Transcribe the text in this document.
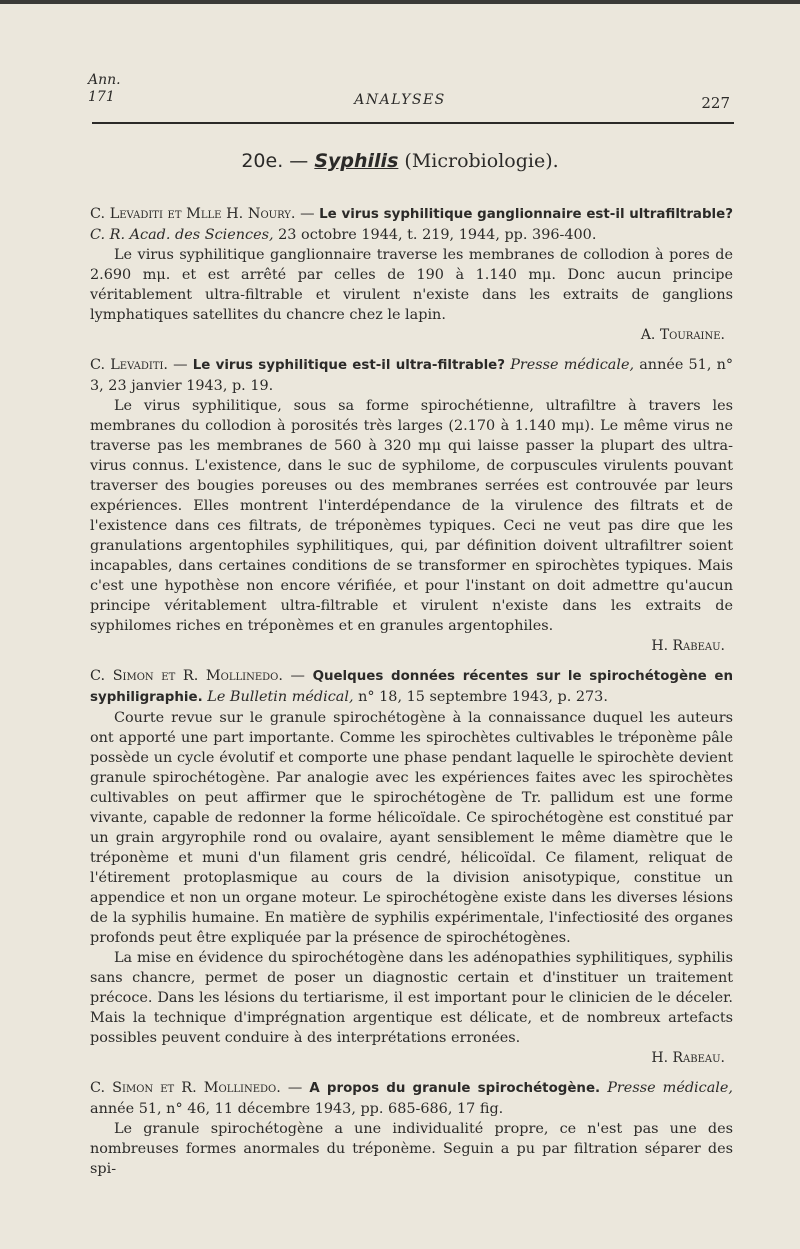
Ann.
171	ANALYSES	227
20e. — Syphilis (Microbiologie).

C. Levaditi et Mlle H. Noury. — Le virus syphilitique ganglionnaire est-il ultrafiltrable? C. R. Acad. des Sciences, 23 octobre 1944, t. 219, 1944, pp. 396-400.

Le virus syphilitique ganglionnaire traverse les membranes de collodion à pores de 2.690 mμ. et est arrêté par celles de 190 à 1.140 mμ. Donc aucun principe véritablement ultra-filtrable et virulent n'existe dans les extraits de ganglions lymphatiques satellites du chancre chez le lapin.

A. Touraine.

C. Levaditi. — Le virus syphilitique est-il ultra-filtrable? Presse médicale, année 51, n° 3, 23 janvier 1943, p. 19.

Le virus syphilitique, sous sa forme spirochétienne, ultrafiltre à travers les membranes du collodion à porosités très larges (2.170 à 1.140 mμ). Le même virus ne traverse pas les membranes de 560 à 320 mμ qui laisse passer la plupart des ultra-virus connus. L'existence, dans le suc de syphilome, de corpuscules virulents pouvant traverser des bougies poreuses ou des membranes serrées est controuvée par leurs expériences. Elles montrent l'interdépendance de la virulence des filtrats et de l'existence dans ces filtrats, de tréponèmes typiques. Ceci ne veut pas dire que les granulations argentophiles syphilitiques, qui, par définition doivent ultrafiltrer soient incapables, dans certaines conditions de se transformer en spirochètes typiques. Mais c'est une hypothèse non encore vérifiée, et pour l'instant on doit admettre qu'aucun principe véritablement ultra-filtrable et virulent n'existe dans les extraits de syphilomes riches en tréponèmes et en granules argentophiles.

H. Rabeau.

C. Simon et R. Mollinedo. — Quelques données récentes sur le spirochétogène en syphiligraphie. Le Bulletin médical, n° 18, 15 septembre 1943, p. 273.

Courte revue sur le granule spirochétogène à la connaissance duquel les auteurs ont apporté une part importante. Comme les spirochètes cultivables le tréponème pâle possède un cycle évolutif et comporte une phase pendant laquelle le spirochète devient granule spirochétogène. Par analogie avec les expériences faites avec les spirochètes cultivables on peut affirmer que le spirochétogène de Tr. pallidum est une forme vivante, capable de redonner la forme hélicoïdale. Ce spirochétogène est constitué par un grain argyrophile rond ou ovalaire, ayant sensiblement le même diamètre que le tréponème et muni d'un filament gris cendré, hélicoïdal. Ce filament, reliquat de l'étirement protoplasmique au cours de la division anisotypique, constitue un appendice et non un organe moteur. Le spirochétogène existe dans les diverses lésions de la syphilis humaine. En matière de syphilis expérimentale, l'infectiosité des organes profonds peut être expliquée par la présence de spirochétogènes.

La mise en évidence du spirochétogène dans les adénopathies syphilitiques, syphilis sans chancre, permet de poser un diagnostic certain et d'instituer un traitement précoce. Dans les lésions du tertiarisme, il est important pour le clinicien de le déceler. Mais la technique d'imprégnation argentique est délicate, et de nombreux artefacts possibles peuvent conduire à des interprétations erronées.

H. Rabeau.

C. Simon et R. Mollinedo. — A propos du granule spirochétogène. Presse médicale, année 51, n° 46, 11 décembre 1943, pp. 685-686, 17 fig.

Le granule spirochétogène a une individualité propre, ce n'est pas une des nombreuses formes anormales du tréponème. Seguin a pu par filtration séparer des spi-
